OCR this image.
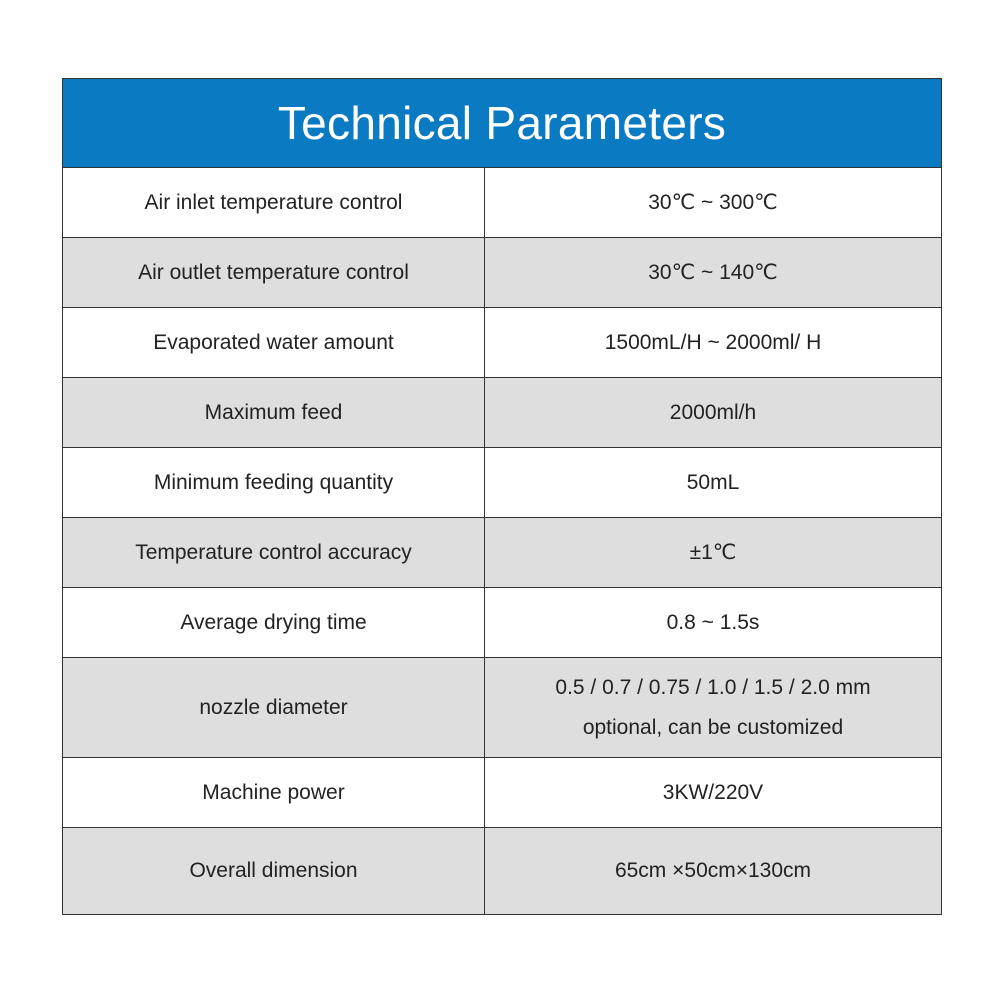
Technical Parameters
Air inlet temperature control	30℃ ~ 300℃
Air outlet temperature control	30℃ ~ 140℃
Evaporated water amount	1500mL/H ~ 2000ml/ H
Maximum feed	2000ml/h
Minimum feeding quantity	50mL
Temperature control accuracy	±1℃
Average drying time	0.8 ~ 1.5s
nozzle diameter	0.5 / 0.7 / 0.75 / 1.0 / 1.5 / 2.0 mm
optional, can be customized

Machine power	3KW/220V
Overall dimension	65cm ×50cm×130cm
